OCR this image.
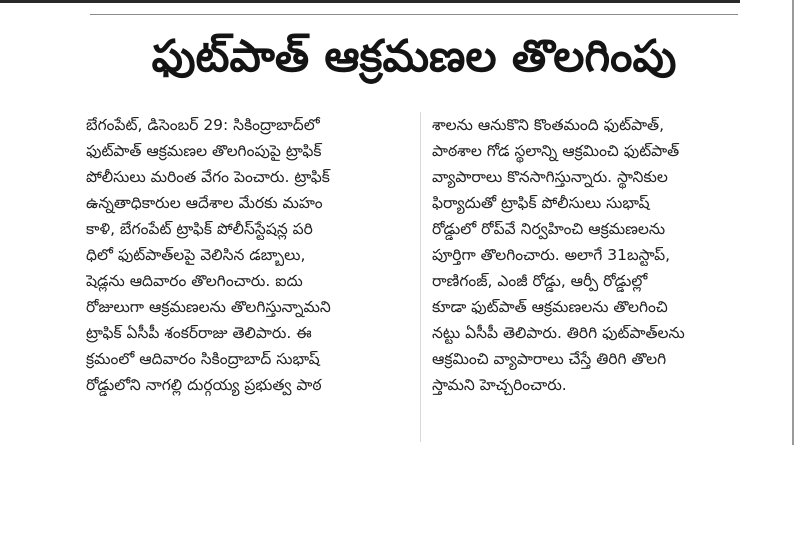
ఫుట్‌పాత్ ఆక్రమణల తొలగింపు
బేగంపేట్, డిసెంబర్ 29: సికింద్రాబాద్‌లో
ఫుట్‌పాత్ ఆక్రమణల తొలగింపుపై ట్రాఫిక్
పోలీసులు మరింత వేగం పెంచారు. ట్రాఫిక్
ఉన్నతాధికారుల ఆదేశాల మేరకు మహం
కాళి, బేగంపేట్ ట్రాఫిక్ పోలీస్‌స్టేషన్ల పరి
ధిలో ఫుట్‌పాత్‌లపై వెలిసిన డబ్బాలు,
షెడ్లను ఆదివారం తొలగించారు. ఐదు
రోజులుగా ఆక్రమణలను తొలగిస్తున్నామని
ట్రాఫిక్ ఏసీపీ శంకర్‌రాజు తెలిపారు. ఈ
క్రమంలో ఆదివారం సికింద్రాబాద్ సుభాష్
రోడ్డులోని నాగల్లి దుర్గయ్య ప్రభుత్వ పాఠ
శాలను ఆనుకొని కొంతమంది ఫుట్‌పాత్,
పాఠశాల గోడ స్థలాన్ని ఆక్రమించి ఫుట్‌పాత్
వ్యాపారాలు కొనసాగిస్తున్నారు. స్థానికుల
ఫిర్యాదుతో ట్రాఫిక్ పోలీసులు సుభాష్
రోడ్డులో రోప్‌వే నిర్వహించి ఆక్రమణలను
పూర్తిగా తొలగించారు. అలాగే 31బస్టాప్,
రాణిగంజ్, ఎంజీ రోడ్డు, ఆర్పీ రోడ్డుల్లో
కూడా ఫుట్‌పాత్ ఆక్రమణలను తొలగించి
నట్టు ఏసీపీ తెలిపారు. తిరిగి ఫుట్‌పాత్‌లను
ఆక్రమించి వ్యాపారాలు చేస్తే తిరిగి తొలగి
స్తామని హెచ్చరించారు.
